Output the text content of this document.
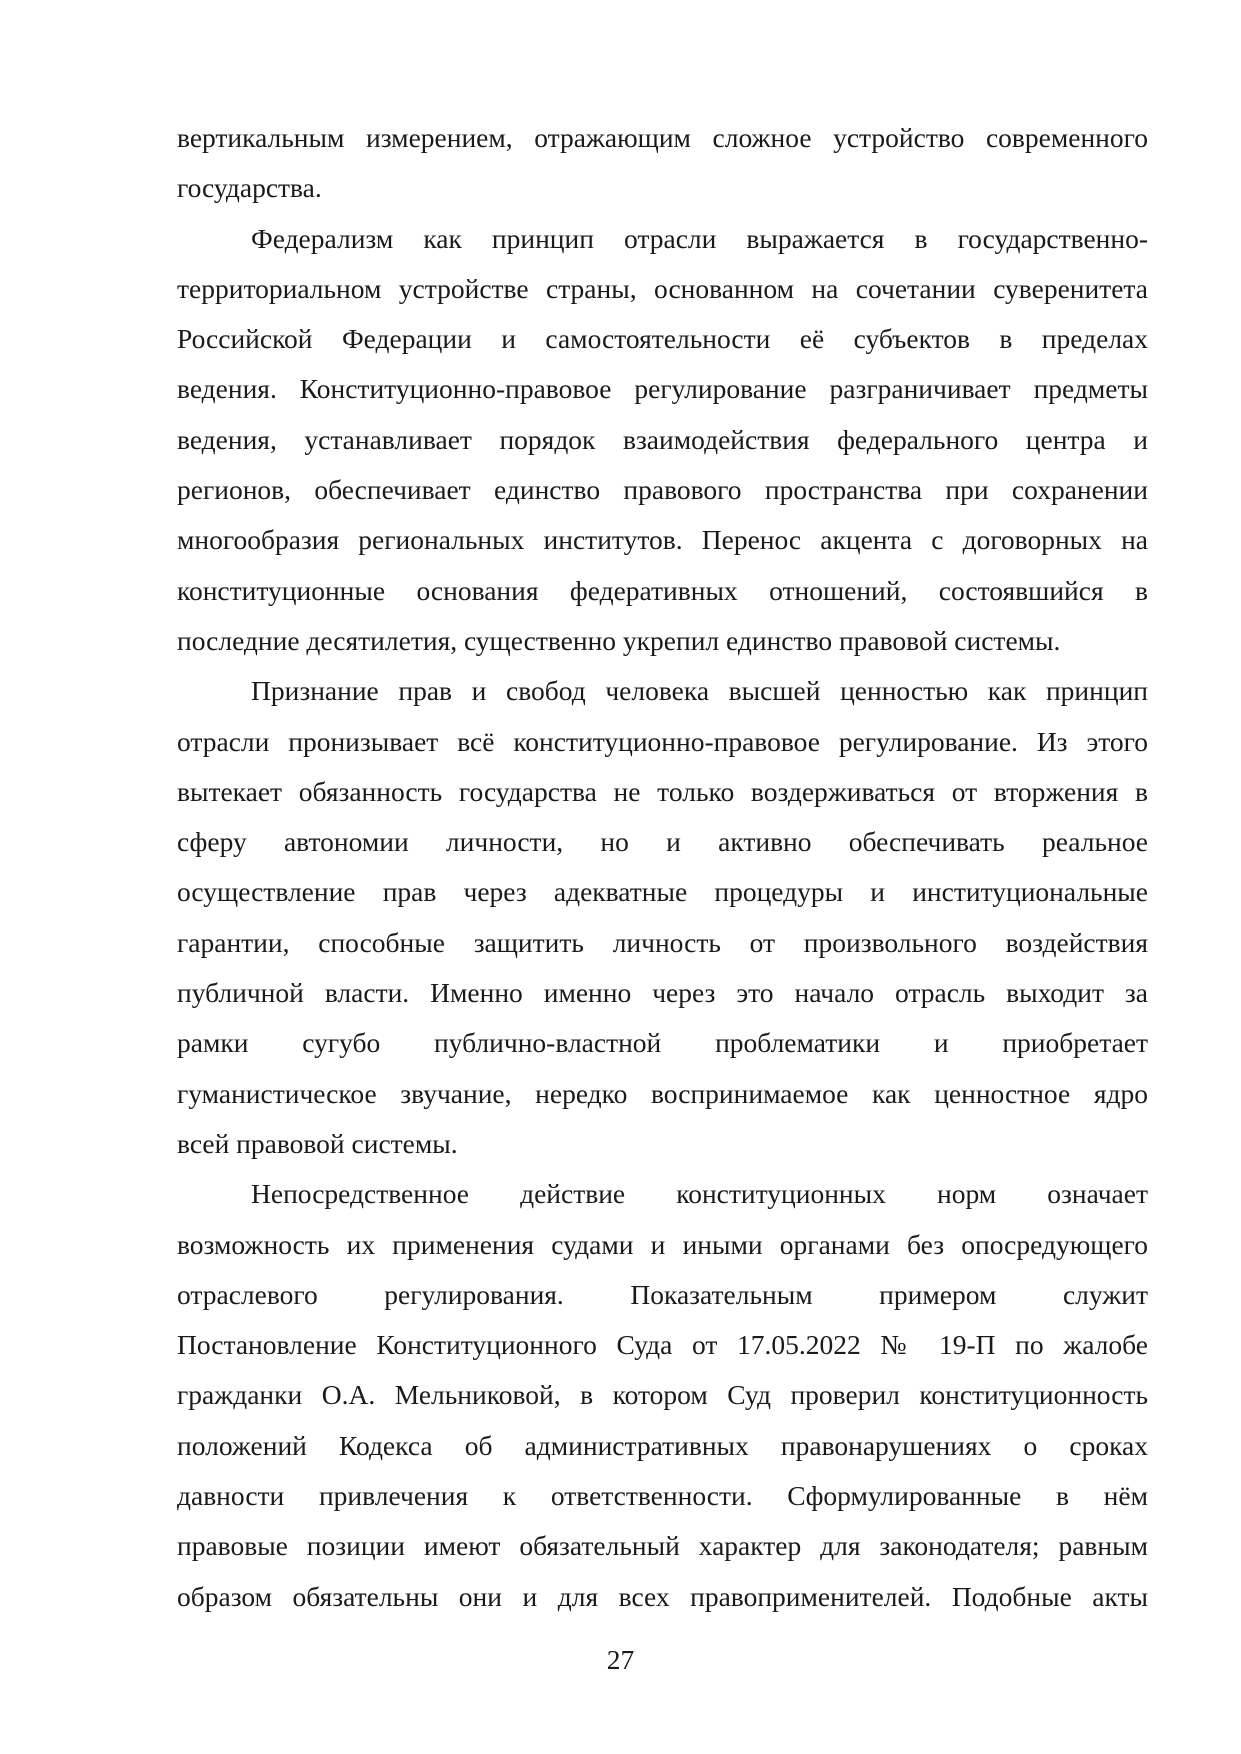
вертикальным измерением, отражающим сложное устройство современного
государства.
Федерализм как принцип отрасли выражается в государственно-
территориальном устройстве страны, основанном на сочетании суверенитета
Российской Федерации и самостоятельности её субъектов в пределах
ведения. Конституционно-правовое регулирование разграничивает предметы
ведения, устанавливает порядок взаимодействия федерального центра и
регионов, обеспечивает единство правового пространства при сохранении
многообразия региональных институтов. Перенос акцента с договорных на
конституционные основания федеративных отношений, состоявшийся в
последние десятилетия, существенно укрепил единство правовой системы.
Признание прав и свобод человека высшей ценностью как принцип
отрасли пронизывает всё конституционно-правовое регулирование. Из этого
вытекает обязанность государства не только воздерживаться от вторжения в
сферу автономии личности, но и активно обеспечивать реальное
осуществление прав через адекватные процедуры и институциональные
гарантии, способные защитить личность от произвольного воздействия
публичной власти. Именно именно через это начало отрасль выходит за
рамки сугубо публично-властной проблематики и приобретает
гуманистическое звучание, нередко воспринимаемое как ценностное ядро
всей правовой системы.
Непосредственное действие конституционных норм означает
возможность их применения судами и иными органами без опосредующего
отраслевого регулирования. Показательным примером служит
Постановление Конституционного Суда от 17.05.2022 № 19-П по жалобе
гражданки О.А. Мельниковой, в котором Суд проверил конституционность
положений Кодекса об административных правонарушениях о сроках
давности привлечения к ответственности. Сформулированные в нём
правовые позиции имеют обязательный характер для законодателя; равным
образом обязательны они и для всех правоприменителей. Подобные акты
27
